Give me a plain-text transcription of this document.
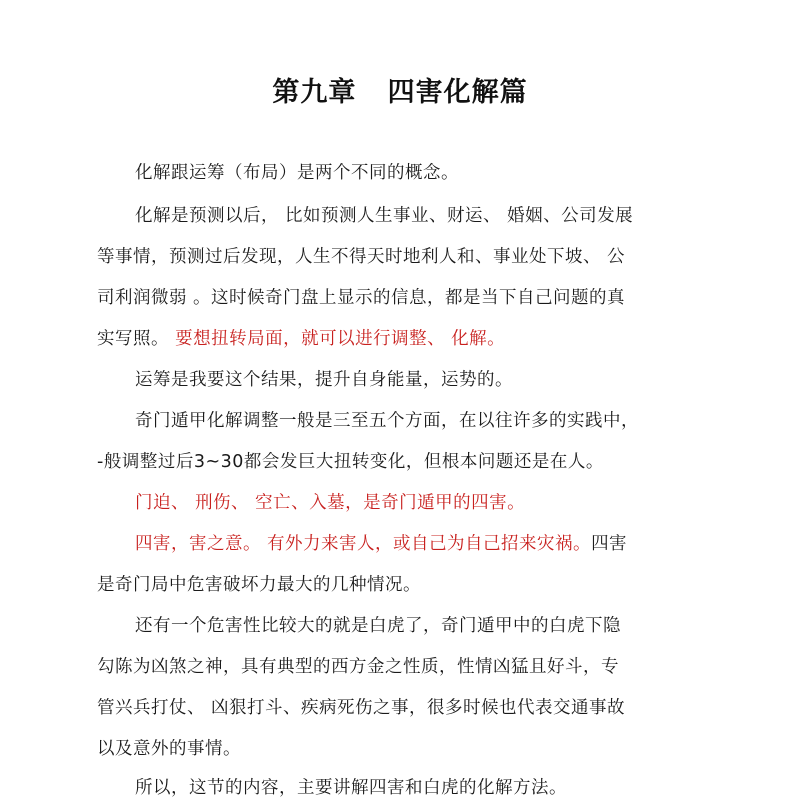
第九章   四害化解篇
化解跟运筹（布局）是两个不同的概念。
化解是预测以后， 比如预测人生事业、财运、 婚姻、公司发展
等事情，预测过后发现，人生不得天时地利人和、事业处下坡、 公
司利润微弱 。这时候奇门盘上显示的信息，都是当下自己问题的真
实写照。 要想扭转局面，就可以进行调整、 化解。
运筹是我要这个结果，提升自身能量，运势的。
奇门遁甲化解调整一般是三至五个方面，在以往许多的实践中，
-般调整过后3~30都会发巨大扭转变化，但根本问题还是在人。
门迫、 刑伤、 空亡、入墓，是奇门遁甲的四害。
四害，害之意。 有外力来害人，或自己为自己招来灾祸。四害
是奇门局中危害破坏力最大的几种情况。
还有一个危害性比较大的就是白虎了，奇门遁甲中的白虎下隐
勾陈为凶煞之神，具有典型的西方金之性质，性情凶猛且好斗，专
管兴兵打仗、 凶狠打斗、疾病死伤之事，很多时候也代表交通事故
以及意外的事情。
所以，这节的内容，主要讲解四害和白虎的化解方法。
